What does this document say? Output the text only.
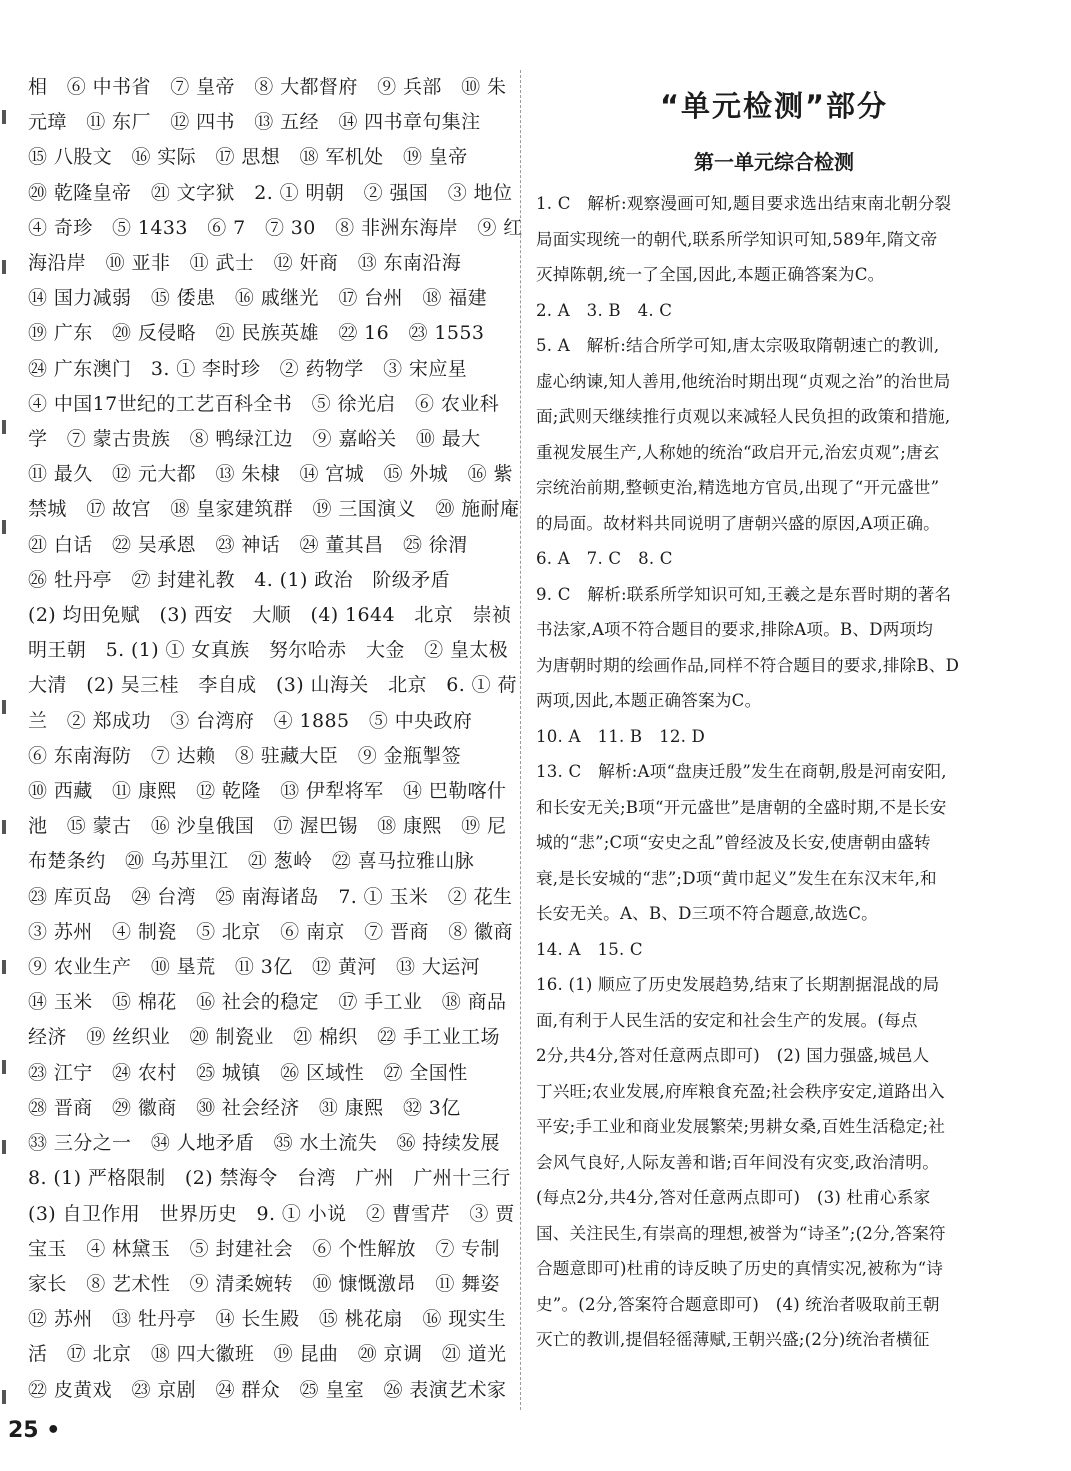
相　⑥ 中书省　⑦ 皇帝　⑧ 大都督府　⑨ 兵部　⑩ 朱

元璋　⑪ 东厂　⑫ 四书　⑬ 五经　⑭ 四书章句集注

⑮ 八股文　⑯ 实际　⑰ 思想　⑱ 军机处　⑲ 皇帝

⑳ 乾隆皇帝　㉑ 文字狱　2. ① 明朝　② 强国　③ 地位

④ 奇珍　⑤ 1433　⑥ 7　⑦ 30　⑧ 非洲东海岸　⑨ 红

海沿岸　⑩ 亚非　⑪ 武士　⑫ 奸商　⑬ 东南沿海

⑭ 国力减弱　⑮ 倭患　⑯ 戚继光　⑰ 台州　⑱ 福建

⑲ 广东　⑳ 反侵略　㉑ 民族英雄　㉒ 16　㉓ 1553

㉔ 广东澳门　3. ① 李时珍　② 药物学　③ 宋应星

④ 中国17世纪的工艺百科全书　⑤ 徐光启　⑥ 农业科

学　⑦ 蒙古贵族　⑧ 鸭绿江边　⑨ 嘉峪关　⑩ 最大

⑪ 最久　⑫ 元大都　⑬ 朱棣　⑭ 宫城　⑮ 外城　⑯ 紫

禁城　⑰ 故宫　⑱ 皇家建筑群　⑲ 三国演义　⑳ 施耐庵

㉑ 白话　㉒ 吴承恩　㉓ 神话　㉔ 董其昌　㉕ 徐渭

㉖ 牡丹亭　㉗ 封建礼教　4. (1) 政治　阶级矛盾

(2) 均田免赋　(3) 西安　大顺　(4) 1644　北京　崇祯

明王朝　5. (1) ① 女真族　努尔哈赤　大金　② 皇太极

大清　(2) 吴三桂　李自成　(3) 山海关　北京　6. ① 荷

兰　② 郑成功　③ 台湾府　④ 1885　⑤ 中央政府

⑥ 东南海防　⑦ 达赖　⑧ 驻藏大臣　⑨ 金瓶掣签

⑩ 西藏　⑪ 康熙　⑫ 乾隆　⑬ 伊犁将军　⑭ 巴勒喀什

池　⑮ 蒙古　⑯ 沙皇俄国　⑰ 渥巴锡　⑱ 康熙　⑲ 尼

布楚条约　⑳ 乌苏里江　㉑ 葱岭　㉒ 喜马拉雅山脉

㉓ 库页岛　㉔ 台湾　㉕ 南海诸岛　7. ① 玉米　② 花生

③ 苏州　④ 制瓷　⑤ 北京　⑥ 南京　⑦ 晋商　⑧ 徽商

⑨ 农业生产　⑩ 垦荒　⑪ 3亿　⑫ 黄河　⑬ 大运河

⑭ 玉米　⑮ 棉花　⑯ 社会的稳定　⑰ 手工业　⑱ 商品

经济　⑲ 丝织业　⑳ 制瓷业　㉑ 棉织　㉒ 手工业工场

㉓ 江宁　㉔ 农村　㉕ 城镇　㉖ 区域性　㉗ 全国性

㉘ 晋商　㉙ 徽商　㉚ 社会经济　㉛ 康熙　㉜ 3亿

㉝ 三分之一　㉞ 人地矛盾　㉟ 水土流失　㊱ 持续发展

8. (1) 严格限制　(2) 禁海令　台湾　广州　广州十三行

(3) 自卫作用　世界历史　9. ① 小说　② 曹雪芹　③ 贾

宝玉　④ 林黛玉　⑤ 封建社会　⑥ 个性解放　⑦ 专制

家长　⑧ 艺术性　⑨ 清柔婉转　⑩ 慷慨激昂　⑪ 舞姿

⑫ 苏州　⑬ 牡丹亭　⑭ 长生殿　⑮ 桃花扇　⑯ 现实生

活　⑰ 北京　⑱ 四大徽班　⑲ 昆曲　⑳ 京调　㉑ 道光

㉒ 皮黄戏　㉓ 京剧　㉔ 群众　㉕ 皇室　㉖ 表演艺术家

“单元检测”部分
第一单元综合检测
1. C　解析:观察漫画可知,题目要求选出结束南北朝分裂
局面实现统一的朝代,联系所学知识可知,589年,隋文帝
灭掉陈朝,统一了全国,因此,本题正确答案为C。
2. A　3. B　4. C
5. A　解析:结合所学可知,唐太宗吸取隋朝速亡的教训,
虚心纳谏,知人善用,他统治时期出现“贞观之治”的治世局
面;武则天继续推行贞观以来减轻人民负担的政策和措施,
重视发展生产,人称她的统治“政启开元,治宏贞观”;唐玄
宗统治前期,整顿吏治,精选地方官员,出现了“开元盛世”
的局面。故材料共同说明了唐朝兴盛的原因,A项正确。
6. A　7. C　8. C
9. C　解析:联系所学知识可知,王羲之是东晋时期的著名
书法家,A项不符合题目的要求,排除A项。B、D两项均
为唐朝时期的绘画作品,同样不符合题目的要求,排除B、D
两项,因此,本题正确答案为C。
10. A　11. B　12. D
13. C　解析:A项“盘庚迁殷”发生在商朝,殷是河南安阳,
和长安无关;B项“开元盛世”是唐朝的全盛时期,不是长安
城的“悲”;C项“安史之乱”曾经波及长安,使唐朝由盛转
衰,是长安城的“悲”;D项“黄巾起义”发生在东汉末年,和
长安无关。A、B、D三项不符合题意,故选C。
14. A　15. C
16. (1) 顺应了历史发展趋势,结束了长期割据混战的局
面,有利于人民生活的安定和社会生产的发展。(每点
2分,共4分,答对任意两点即可)　(2) 国力强盛,城邑人
丁兴旺;农业发展,府库粮食充盈;社会秩序安定,道路出入
平安;手工业和商业发展繁荣;男耕女桑,百姓生活稳定;社
会风气良好,人际友善和谐;百年间没有灾变,政治清明。
(每点2分,共4分,答对任意两点即可)　(3) 杜甫心系家
国、关注民生,有崇高的理想,被誉为“诗圣”;(2分,答案符
合题意即可)杜甫的诗反映了历史的真情实况,被称为“诗
史”。(2分,答案符合题意即可)　(4) 统治者吸取前王朝
灭亡的教训,提倡轻徭薄赋,王朝兴盛;(2分)统治者横征
25 •
